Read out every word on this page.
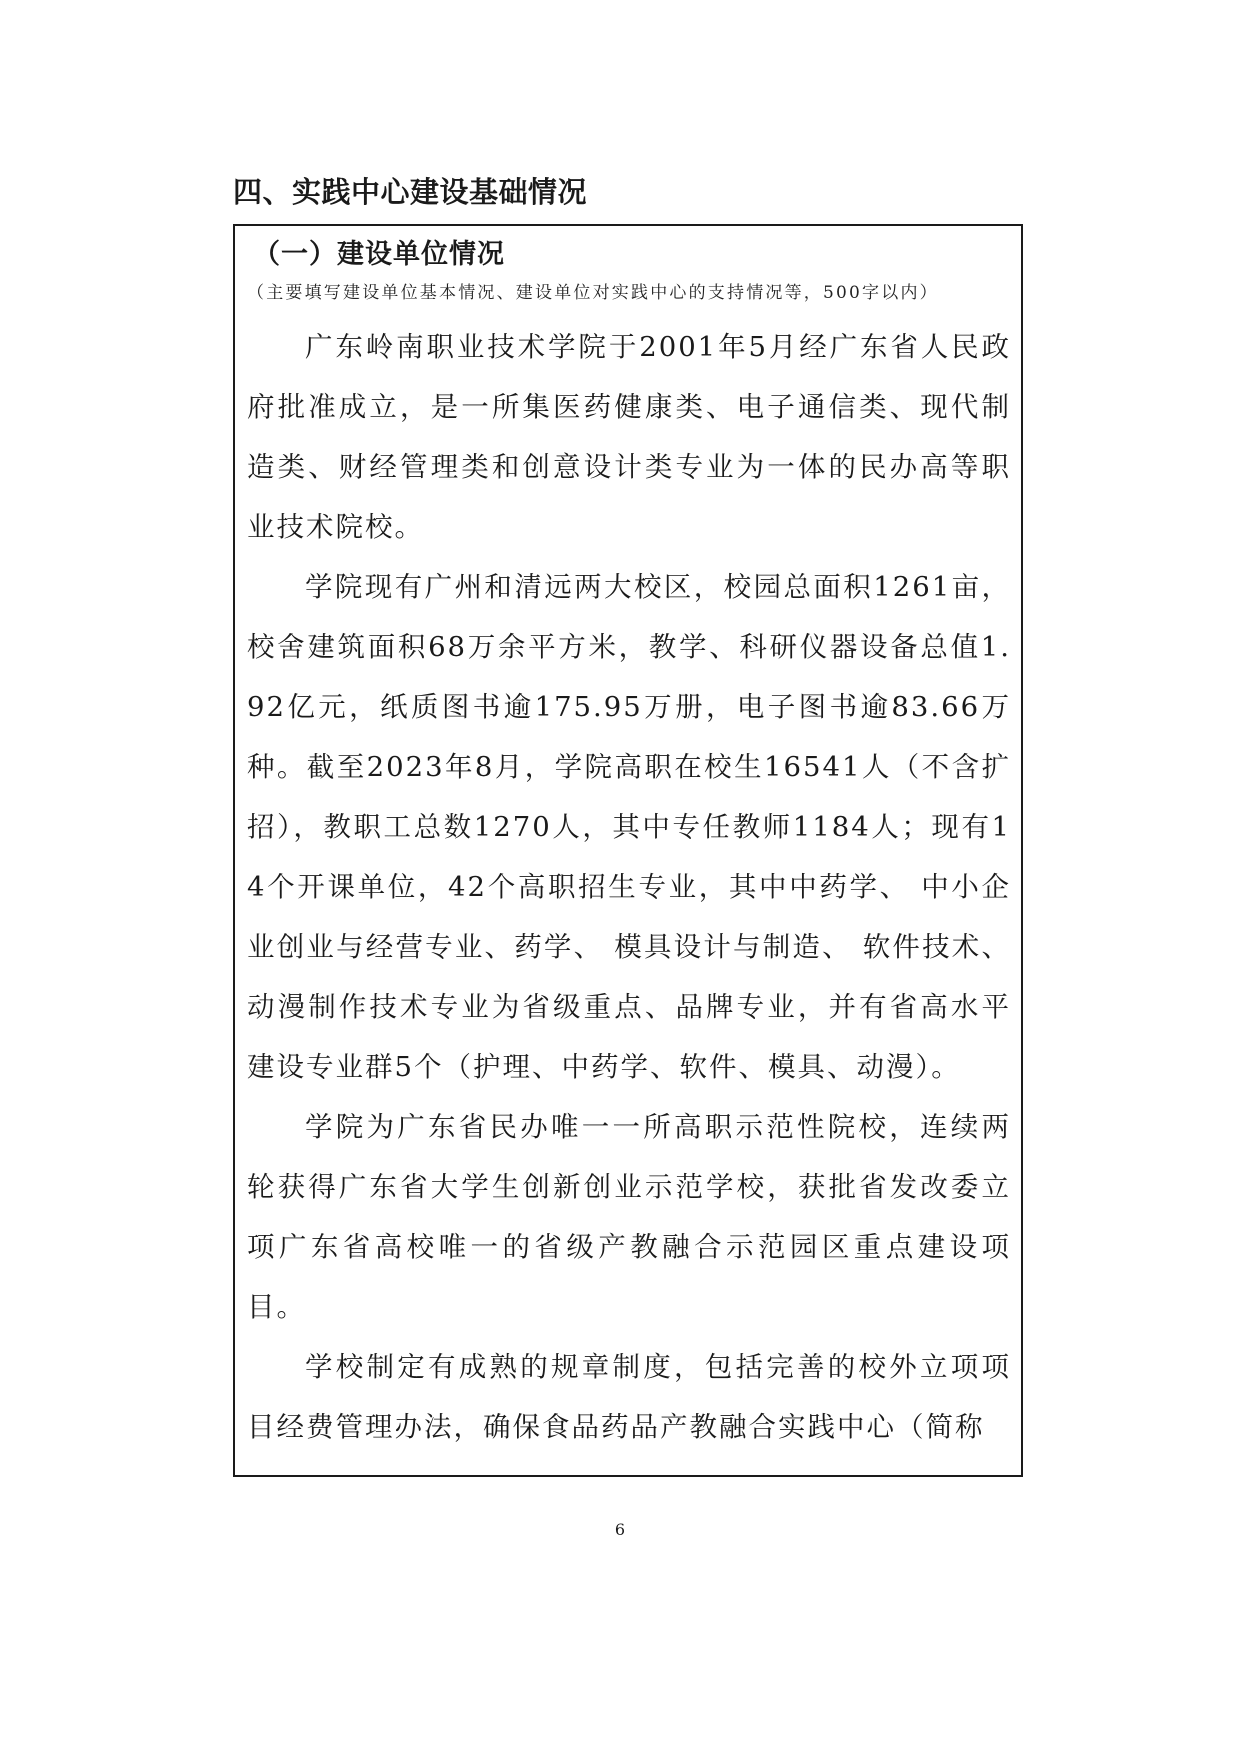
四、实践中心建设基础情况
（一）建设单位情况

（主要填写建设单位基本情况、建设单位对实践中心的支持情况等，500字以内）

广东岭南职业技术学院于2001年5月经广东省人民政府批准成立，是一所集医药健康类、电子通信类、现代制造类、财经管理类和创意设计类专业为一体的民办高等职业技术院校。

学院现有广州和清远两大校区，校园总面积1261亩，校舍建筑面积68万余平方米，教学、科研仪器设备总值1.92亿元，纸质图书逾175.95万册，电子图书逾83.66万种。截至2023年8月，学院高职在校生16541人（不含扩招），教职工总数1270人，其中专任教师1184人；现有14个开课单位，42个高职招生专业，其中中药学、 中小企业创业与经营专业、药学、 模具设计与制造、 软件技术、 动漫制作技术专业为省级重点、品牌专业，并有省高水平建设专业群5个（护理、中药学、软件、模具、动漫）。

学院为广东省民办唯一一所高职示范性院校，连续两轮获得广东省大学生创新创业示范学校，获批省发改委立项广东省高校唯一的省级产教融合示范园区重点建设项目。

学校制定有成熟的规章制度，包括完善的校外立项项目经费管理办法，确保食品药品产教融合实践中心（简称

6
